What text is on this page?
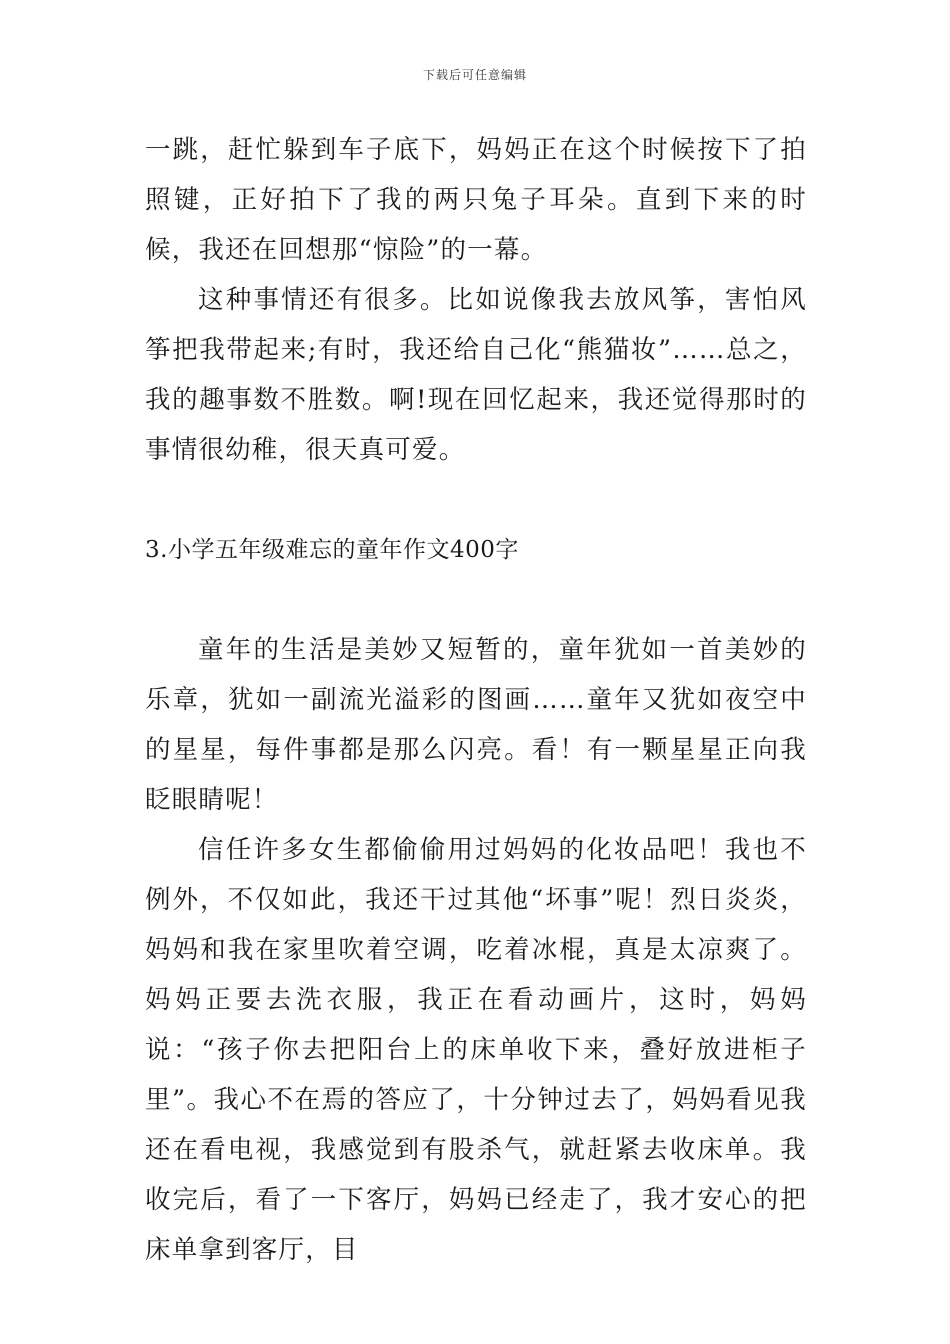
下载后可任意编辑

一跳，赶忙躲到车子底下，妈妈正在这个时候按下了拍照键，正好拍下了我的两只兔子耳朵。直到下来的时候，我还在回想那“惊险”的一幕。

这种事情还有很多。比如说像我去放风筝，害怕风筝把我带起来;有时，我还给自己化“熊猫妆”……总之，我的趣事数不胜数。啊!现在回忆起来，我还觉得那时的事情很幼稚，很天真可爱。

3.小学五年级难忘的童年作文400字

童年的生活是美妙又短暂的，童年犹如一首美妙的乐章，犹如一副流光溢彩的图画……童年又犹如夜空中的星星，每件事都是那么闪亮。看！有一颗星星正向我眨眼睛呢！

信任许多女生都偷偷用过妈妈的化妆品吧！我也不例外，不仅如此，我还干过其他“坏事”呢！烈日炎炎，妈妈和我在家里吹着空调，吃着冰棍，真是太凉爽了。妈妈正要去洗衣服，我正在看动画片，这时，妈妈说：“孩子你去把阳台上的床单收下来，叠好放进柜子里”。我心不在焉的答应了，十分钟过去了，妈妈看见我还在看电视，我感觉到有股杀气，就赶紧去收床单。我收完后，看了一下客厅，妈妈已经走了，我才安心的把床单拿到客厅，目
